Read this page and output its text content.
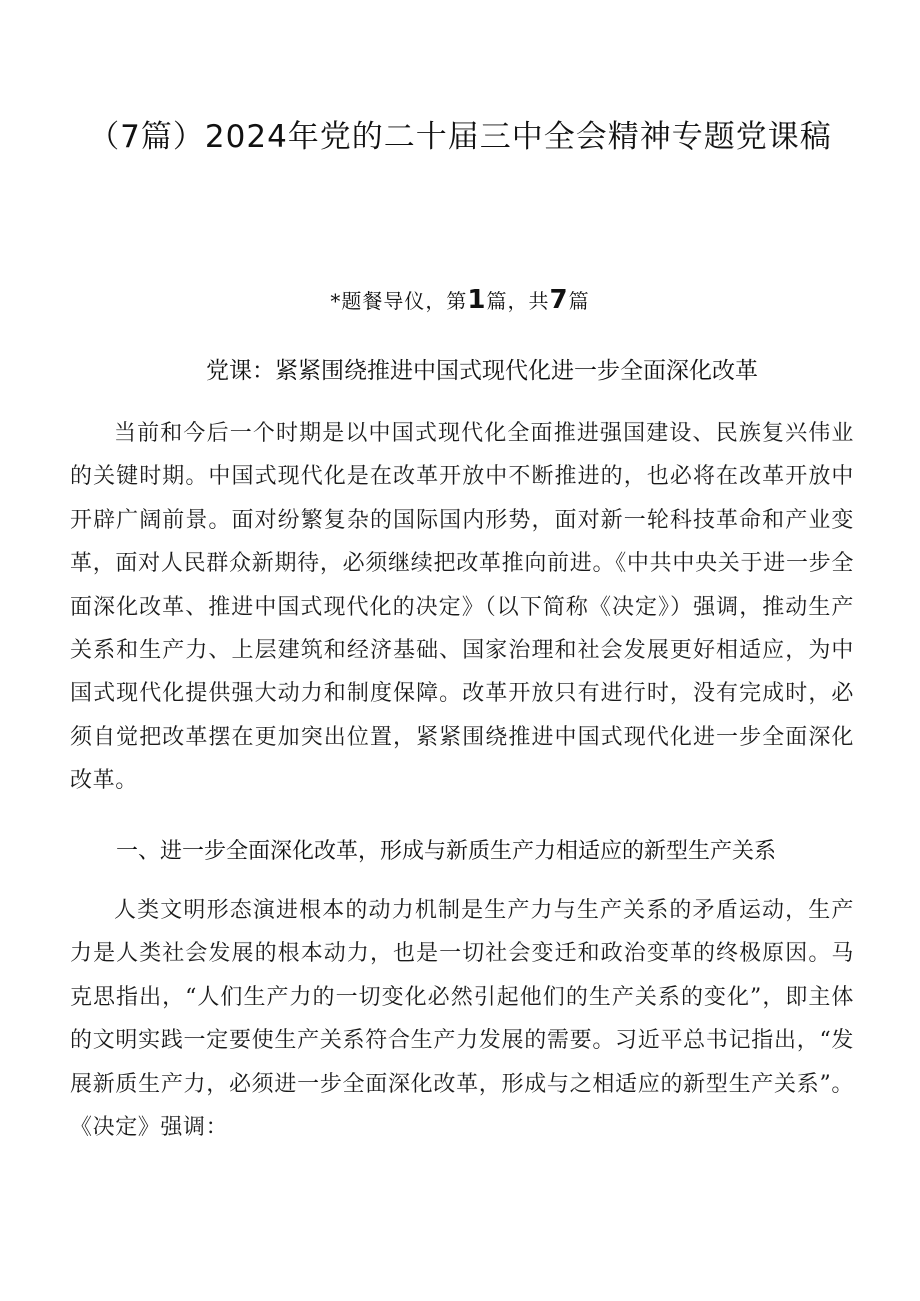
（7篇）2024年党的二十届三中全会精神专题党课稿
*题餐导仪，第1篇，共7篇
党课：紧紧围绕推进中国式现代化进一步全面深化改革

当前和今后一个时期是以中国式现代化全面推进强国建设、民族复兴伟业的关键时期。中国式现代化是在改革开放中不断推进的，也必将在改革开放中开辟广阔前景。面对纷繁复杂的国际国内形势，面对新一轮科技革命和产业变革，面对人民群众新期待，必须继续把改革推向前进。《中共中央关于进一步全面深化改革、推进中国式现代化的决定》（以下简称《决定》）强调，推动生产关系和生产力、上层建筑和经济基础、国家治理和社会发展更好相适应，为中国式现代化提供强大动力和制度保障。改革开放只有进行时，没有完成时，必须自觉把改革摆在更加突出位置，紧紧围绕推进中国式现代化进一步全面深化改革。

一、进一步全面深化改革，形成与新质生产力相适应的新型生产关系

人类文明形态演进根本的动力机制是生产力与生产关系的矛盾运动，生产力是人类社会发展的根本动力，也是一切社会变迁和政治变革的终极原因。马克思指出，“人们生产力的一切变化必然引起他们的生产关系的变化”，即主体的文明实践一定要使生产关系符合生产力发展的需要。习近平总书记指出，“发展新质生产力，必须进一步全面深化改革，形成与之相适应的新型生产关系”。《决定》强调：
